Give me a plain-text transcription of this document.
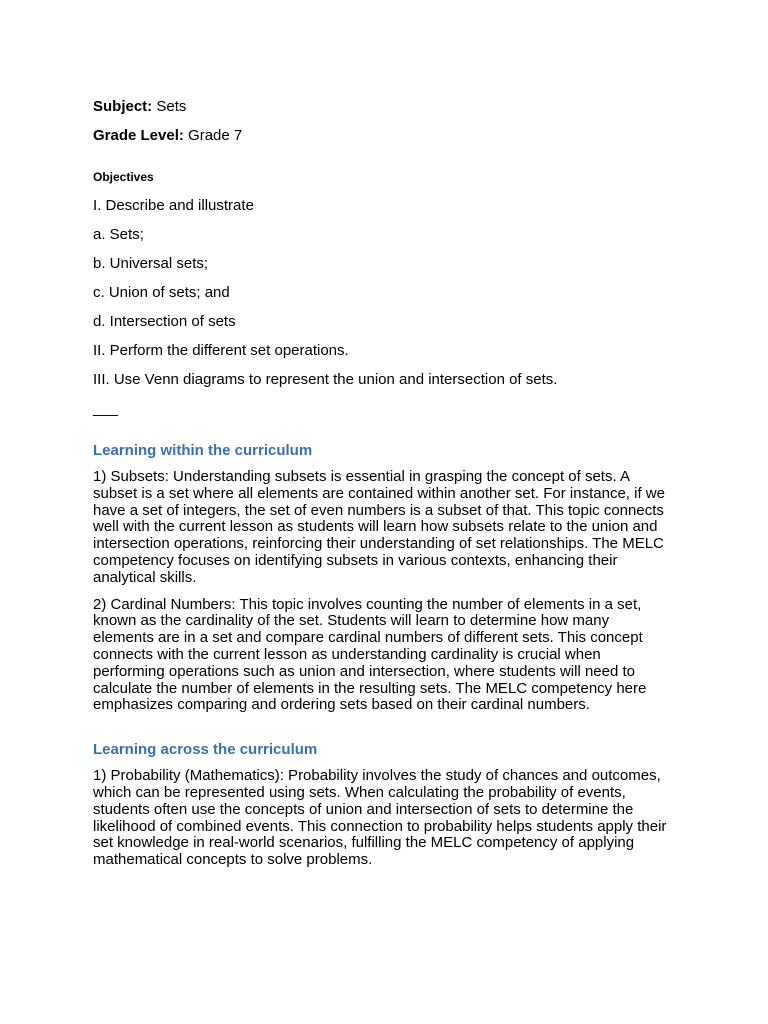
Subject: Sets

Grade Level: Grade 7

Objectives
I. Describe and illustrate
a. Sets;
b. Universal sets;
c. Union of sets; and
d. Intersection of sets
II. Perform the different set operations.
III. Use Venn diagrams to represent the union and intersection of sets.
___
Learning within the curriculum

1) Subsets: Understanding subsets is essential in grasping the concept of sets. A subset is a set where all elements are contained within another set. For instance, if we have a set of integers, the set of even numbers is a subset of that. This topic connects well with the current lesson as students will learn how subsets relate to the union and intersection operations, reinforcing their understanding of set relationships. The MELC competency focuses on identifying subsets in various contexts, enhancing their analytical skills.

2) Cardinal Numbers: This topic involves counting the number of elements in a set, known as the cardinality of the set. Students will learn to determine how many elements are in a set and compare cardinal numbers of different sets. This concept connects with the current lesson as understanding cardinality is crucial when performing operations such as union and intersection, where students will need to calculate the number of elements in the resulting sets. The MELC competency here emphasizes comparing and ordering sets based on their cardinal numbers.

Learning across the curriculum

1) Probability (Mathematics): Probability involves the study of chances and outcomes, which can be represented using sets. When calculating the probability of events, students often use the concepts of union and intersection of sets to determine the likelihood of combined events. This connection to probability helps students apply their set knowledge in real-world scenarios, fulfilling the MELC competency of applying mathematical concepts to solve problems.
